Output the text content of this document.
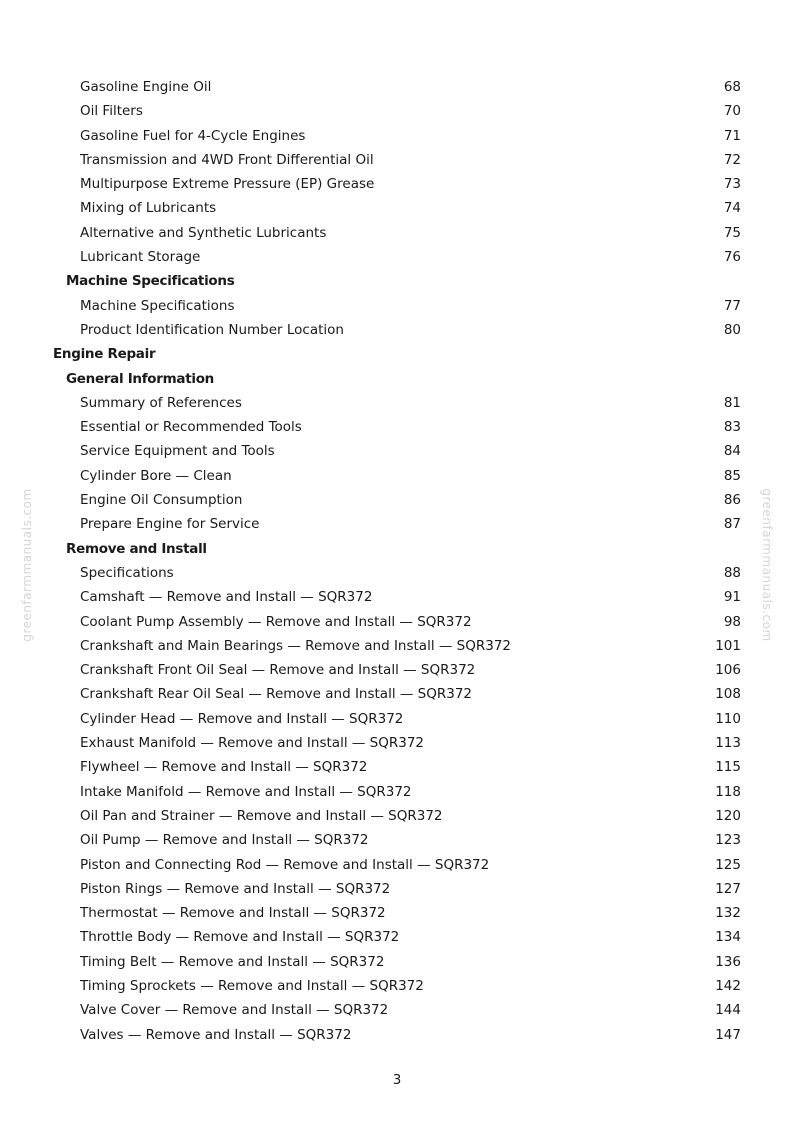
Gasoline Engine Oil	68
Oil Filters	70
Gasoline Fuel for 4-Cycle Engines	71
Transmission and 4WD Front Differential Oil	72
Multipurpose Extreme Pressure (EP) Grease	73
Mixing of Lubricants	74
Alternative and Synthetic Lubricants	75
Lubricant Storage	76
Machine Specifications
Machine Specifications	77
Product Identification Number Location	80
Engine Repair
General Information
Summary of References	81
Essential or Recommended Tools	83
Service Equipment and Tools	84
Cylinder Bore — Clean	85
Engine Oil Consumption	86
Prepare Engine for Service	87
Remove and Install
Specifications	88
Camshaft — Remove and Install — SQR372	91
Coolant Pump Assembly — Remove and Install — SQR372	98
Crankshaft and Main Bearings — Remove and Install — SQR372	101
Crankshaft Front Oil Seal — Remove and Install — SQR372	106
Crankshaft Rear Oil Seal — Remove and Install — SQR372	108
Cylinder Head — Remove and Install — SQR372	110
Exhaust Manifold — Remove and Install — SQR372	113
Flywheel — Remove and Install — SQR372	115
Intake Manifold — Remove and Install — SQR372	118
Oil Pan and Strainer — Remove and Install — SQR372	120
Oil Pump — Remove and Install — SQR372	123
Piston and Connecting Rod — Remove and Install — SQR372	125
Piston Rings — Remove and Install — SQR372	127
Thermostat — Remove and Install — SQR372	132
Throttle Body — Remove and Install — SQR372	134
Timing Belt — Remove and Install — SQR372	136
Timing Sprockets — Remove and Install — SQR372	142
Valve Cover — Remove and Install — SQR372	144
Valves — Remove and Install — SQR372	147
3
greenfarmmanuals.com	greenfarmmanuals.com
